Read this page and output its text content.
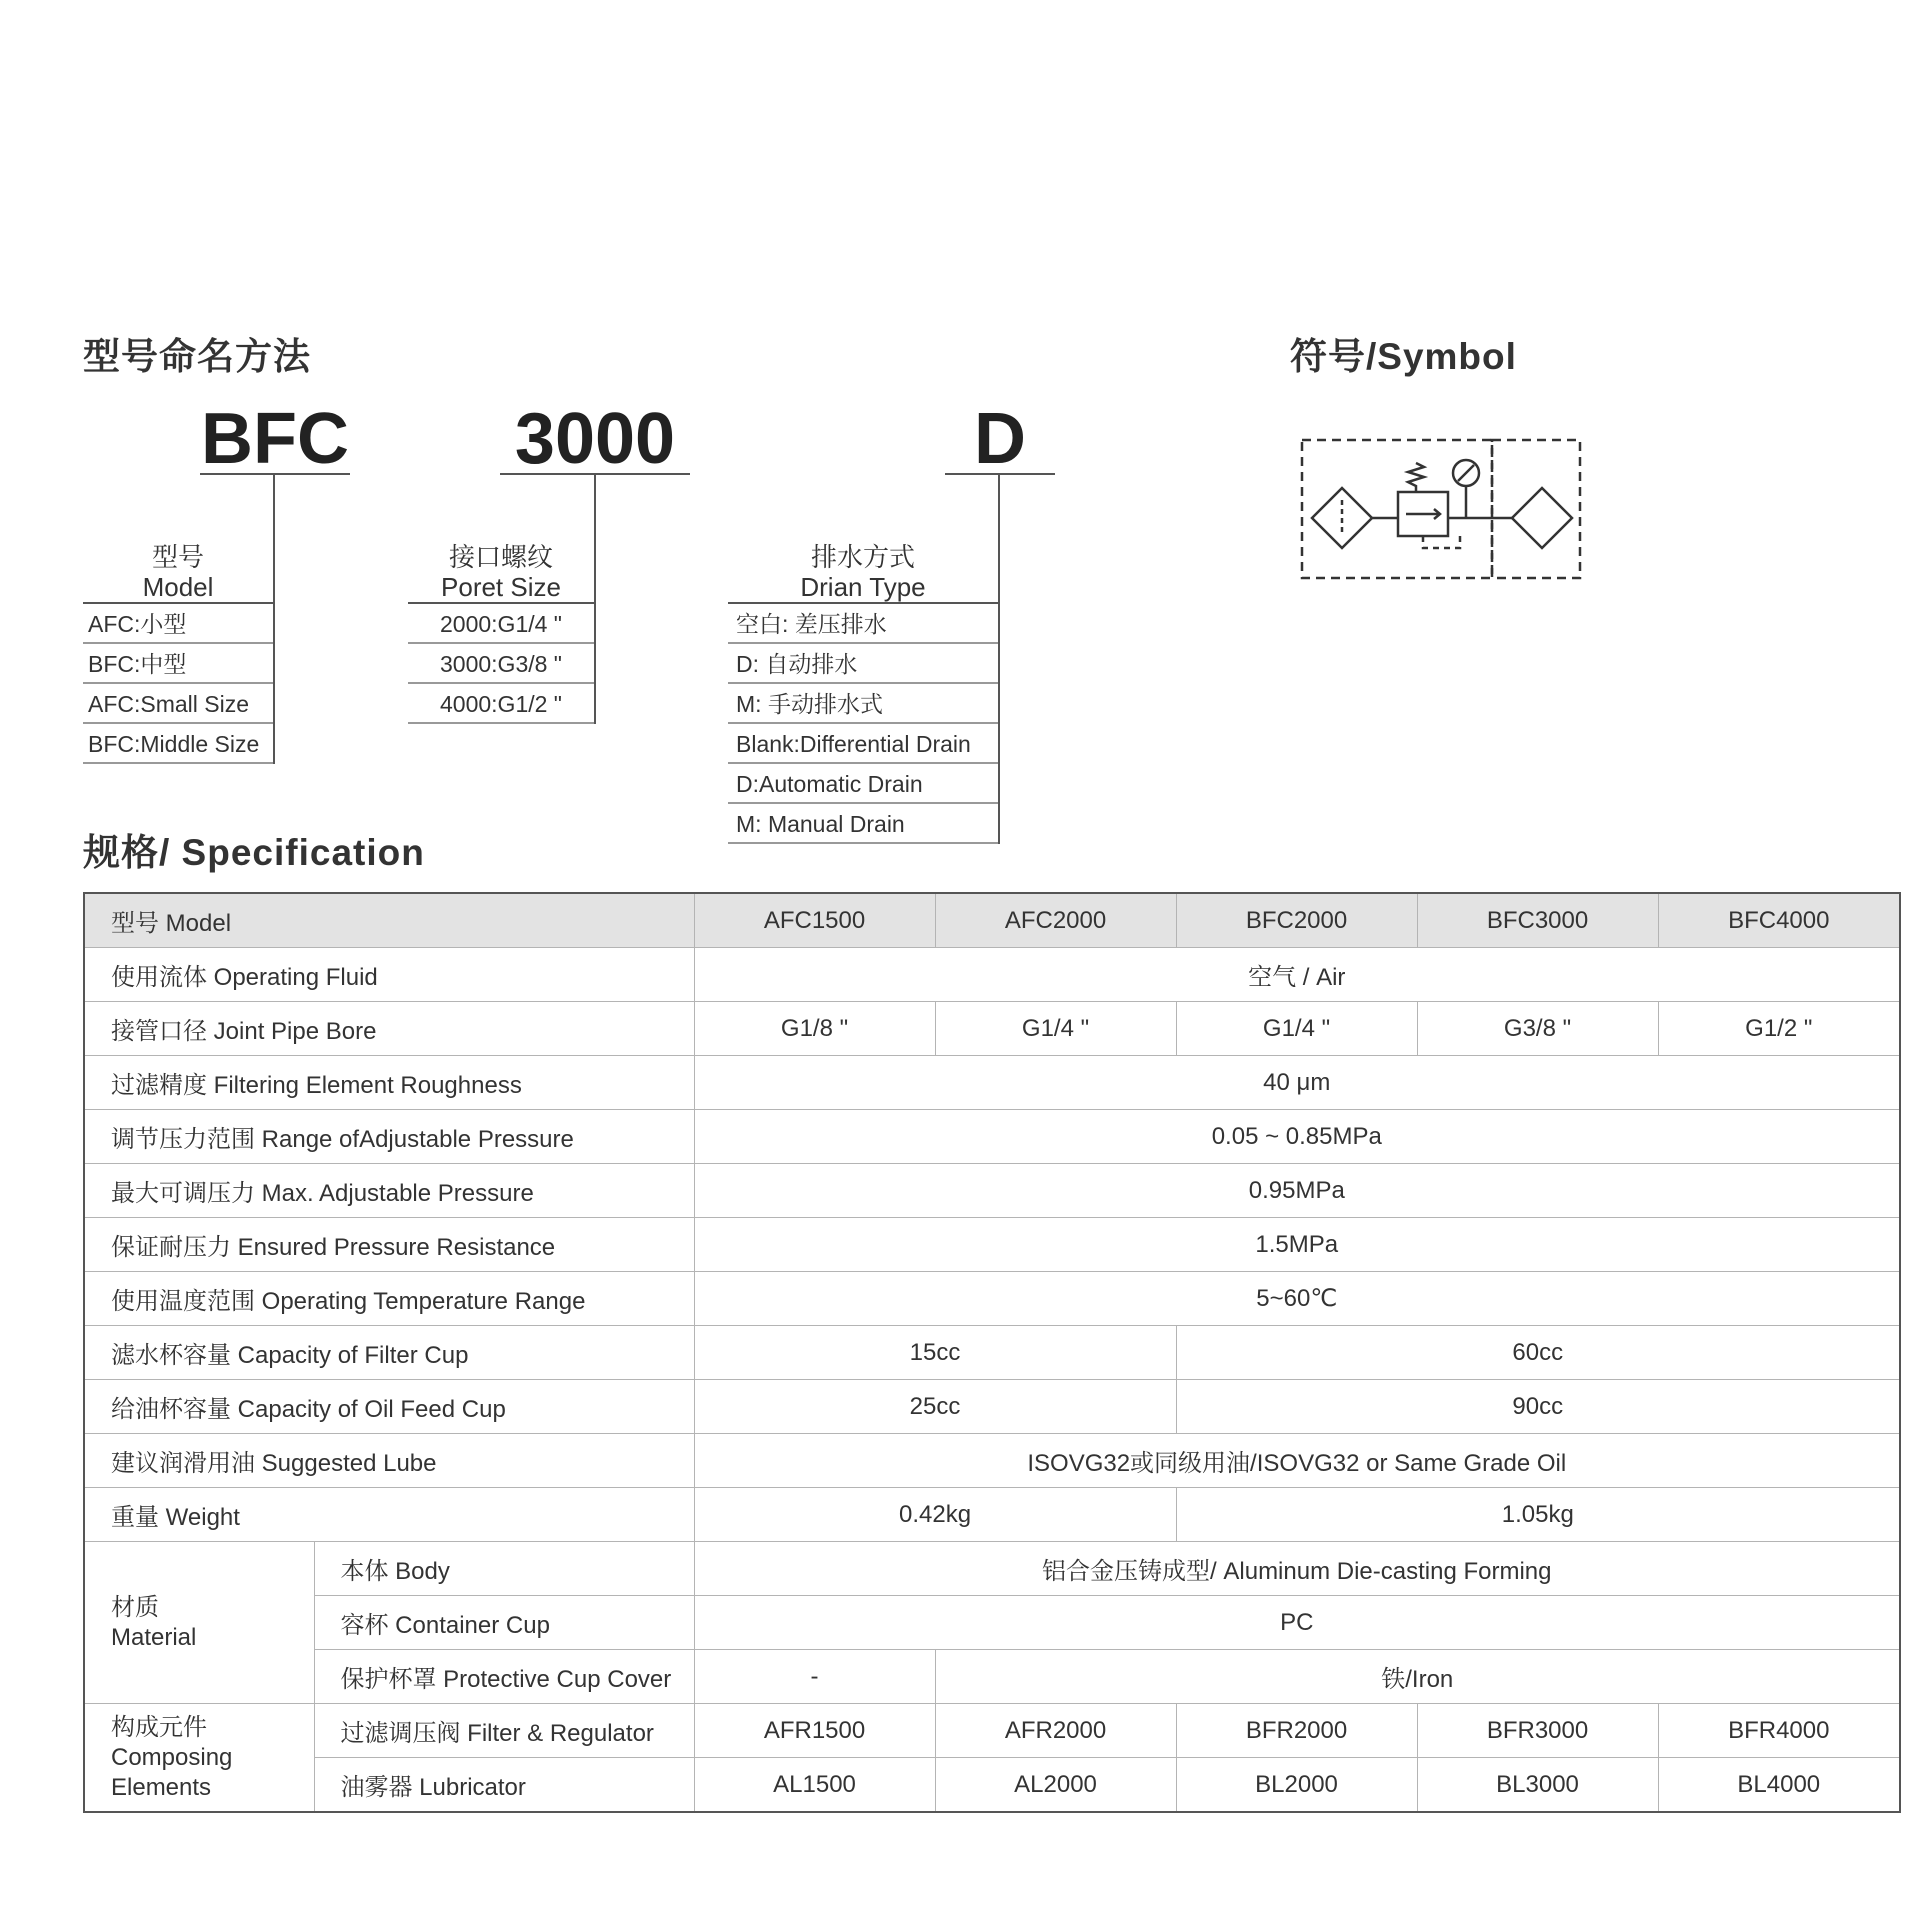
型号命名方法	符号/Symbol
BFC 3000	D
型号
Model
AFC:小型
BFC:中型
AFC:Small Size
BFC:Middle Size
接口螺纹
Poret Size
2000:G1/4 "
3000:G3/8 "
4000:G1/2 "
排水方式
Drian Type
空白: 差压排水
D: 自动排水
M: 手动排水式
Blank:Differential Drain
D:Automatic Drain
M: Manual Drain
规格/ Specification
型号 Model		AFC1500	AFC2000	BFC2000	BFC3000	BFC4000
使用流体 Operating Fluid		空气 / Air				
接管口径 Joint Pipe Bore		G1/8 "	G1/4 "	G1/4 "	G3/8 "	G1/2 "
过滤精度 Filtering Element Roughness		40 μm				
调节压力范围 Range ofAdjustable Pressure		0.05 ~ 0.85MPa				
最大可调压力 Max. Adjustable Pressure		0.95MPa				
保证耐压力 Ensured Pressure Resistance		1.5MPa				
使用温度范围 Operating Temperature Range		5~60℃				
滤水杯容量 Capacity of Filter Cup		15cc		60cc		
给油杯容量 Capacity of Oil Feed Cup		25cc		90cc		
建议润滑用油 Suggested Lube		ISOVG32或同级用油/ISOVG32 or Same Grade Oil				
重量 Weight		0.42kg		1.05kg		

材质
Material	本体 Body	铝合金压铸成型/ Aluminum Die-casting Forming				
	容杯 Container Cup	PC				
	保护杯罩 Protective Cup Cover	-	铁/Iron			

构成元件
Composing
Elements	过滤调压阀 Filter & Regulator	AFR1500	AFR2000	BFR2000	BFR3000	BFR4000
	油雾器 Lubricator	AL1500	AL2000	BL2000	BL3000	BL4000
